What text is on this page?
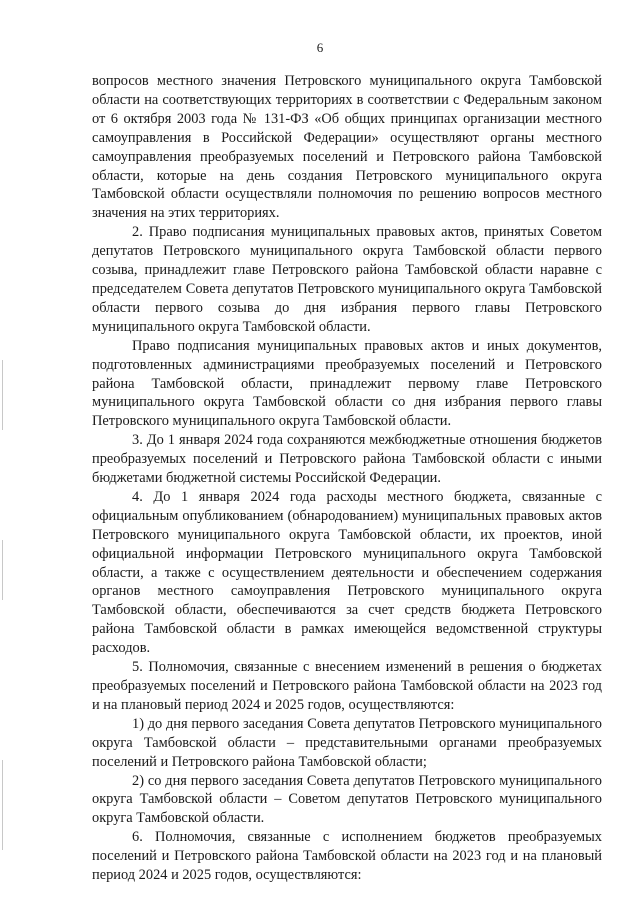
6

вопросов местного значения Петровского муниципального округа Тамбовской области на соответствующих территориях в соответствии с Федеральным законом от 6 октября 2003 года № 131-ФЗ «Об общих принципах организации местного самоуправления в Российской Федерации» осуществляют органы местного самоуправления преобразуемых поселений и Петровского района Тамбовской области, которые на день создания Петровского муниципального округа Тамбовской области осуществляли полномочия по решению вопросов местного значения на этих территориях.

2. Право подписания муниципальных правовых актов, принятых Советом депутатов Петровского муниципального округа Тамбовской области первого созыва, принадлежит главе Петровского района Тамбовской области наравне с председателем Совета депутатов Петровского муниципального округа Тамбовской области первого созыва до дня избрания первого главы Петровского муниципального округа Тамбовской области.

Право подписания муниципальных правовых актов и иных документов, подготовленных администрациями преобразуемых поселений и Петровского района Тамбовской области, принадлежит первому главе Петровского муниципального округа Тамбовской области со дня избрания первого главы Петровского муниципального округа Тамбовской области.

3. До 1 января 2024 года сохраняются межбюджетные отношения бюджетов преобразуемых поселений и Петровского района Тамбовской области с иными бюджетами бюджетной системы Российской Федерации.

4. До 1 января 2024 года расходы местного бюджета, связанные с официальным опубликованием (обнародованием) муниципальных правовых актов Петровского муниципального округа Тамбовской области, их проектов, иной официальной информации Петровского муниципального округа Тамбовской области, а также с осуществлением деятельности и обеспечением содержания органов местного самоуправления Петровского муниципального округа Тамбовской области, обеспечиваются за счет средств бюджета Петровского района Тамбовской области в рамках имеющейся ведомственной структуры расходов.

5. Полномочия, связанные с внесением изменений в решения о бюджетах преобразуемых поселений и Петровского района Тамбовской области на 2023 год и на плановый период 2024 и 2025 годов, осуществляются:

1) до дня первого заседания Совета депутатов Петровского муниципального округа Тамбовской области – представительными органами преобразуемых поселений и Петровского района Тамбовской области;

2) со дня первого заседания Совета депутатов Петровского муниципального округа Тамбовской области – Советом депутатов Петровского муниципального округа Тамбовской области.

6. Полномочия, связанные с исполнением бюджетов преобразуемых поселений и Петровского района Тамбовской области на 2023 год и на плановый период 2024 и 2025 годов, осуществляются:
